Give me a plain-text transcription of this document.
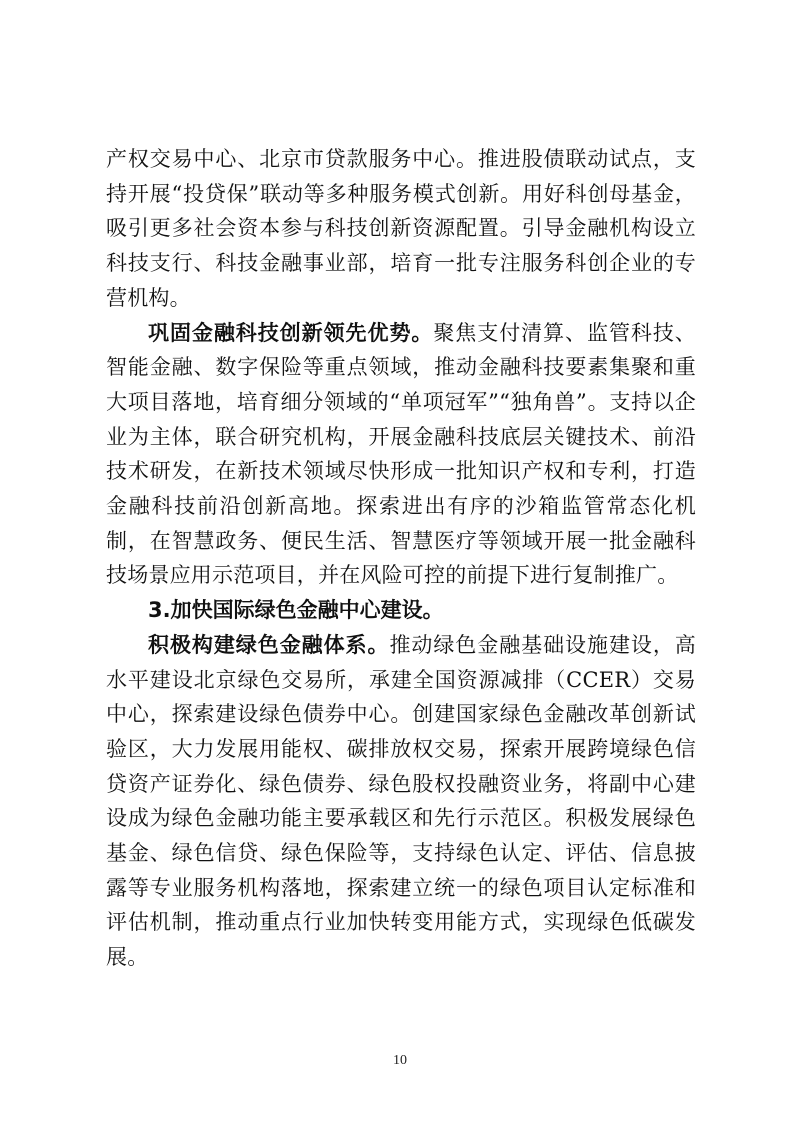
产权交易中心、北京市贷款服务中心。推进股债联动试点，支持开展“投贷保”联动等多种服务模式创新。用好科创母基金，吸引更多社会资本参与科技创新资源配置。引导金融机构设立科技支行、科技金融事业部，培育一批专注服务科创企业的专营机构。

巩固金融科技创新领先优势。聚焦支付清算、监管科技、智能金融、数字保险等重点领域，推动金融科技要素集聚和重大项目落地，培育细分领域的“单项冠军”“独角兽”。支持以企业为主体，联合研究机构，开展金融科技底层关键技术、前沿技术研发，在新技术领域尽快形成一批知识产权和专利，打造金融科技前沿创新高地。探索进出有序的沙箱监管常态化机制，在智慧政务、便民生活、智慧医疗等领域开展一批金融科技场景应用示范项目，并在风险可控的前提下进行复制推广。

3.加快国际绿色金融中心建设。

积极构建绿色金融体系。推动绿色金融基础设施建设，高水平建设北京绿色交易所，承建全国资源减排（CCER）交易中心，探索建设绿色债券中心。创建国家绿色金融改革创新试验区，大力发展用能权、碳排放权交易，探索开展跨境绿色信贷资产证券化、绿色债券、绿色股权投融资业务，将副中心建设成为绿色金融功能主要承载区和先行示范区。积极发展绿色基金、绿色信贷、绿色保险等，支持绿色认定、评估、信息披露等专业服务机构落地，探索建立统一的绿色项目认定标准和评估机制，推动重点行业加快转变用能方式，实现绿色低碳发展。

10
